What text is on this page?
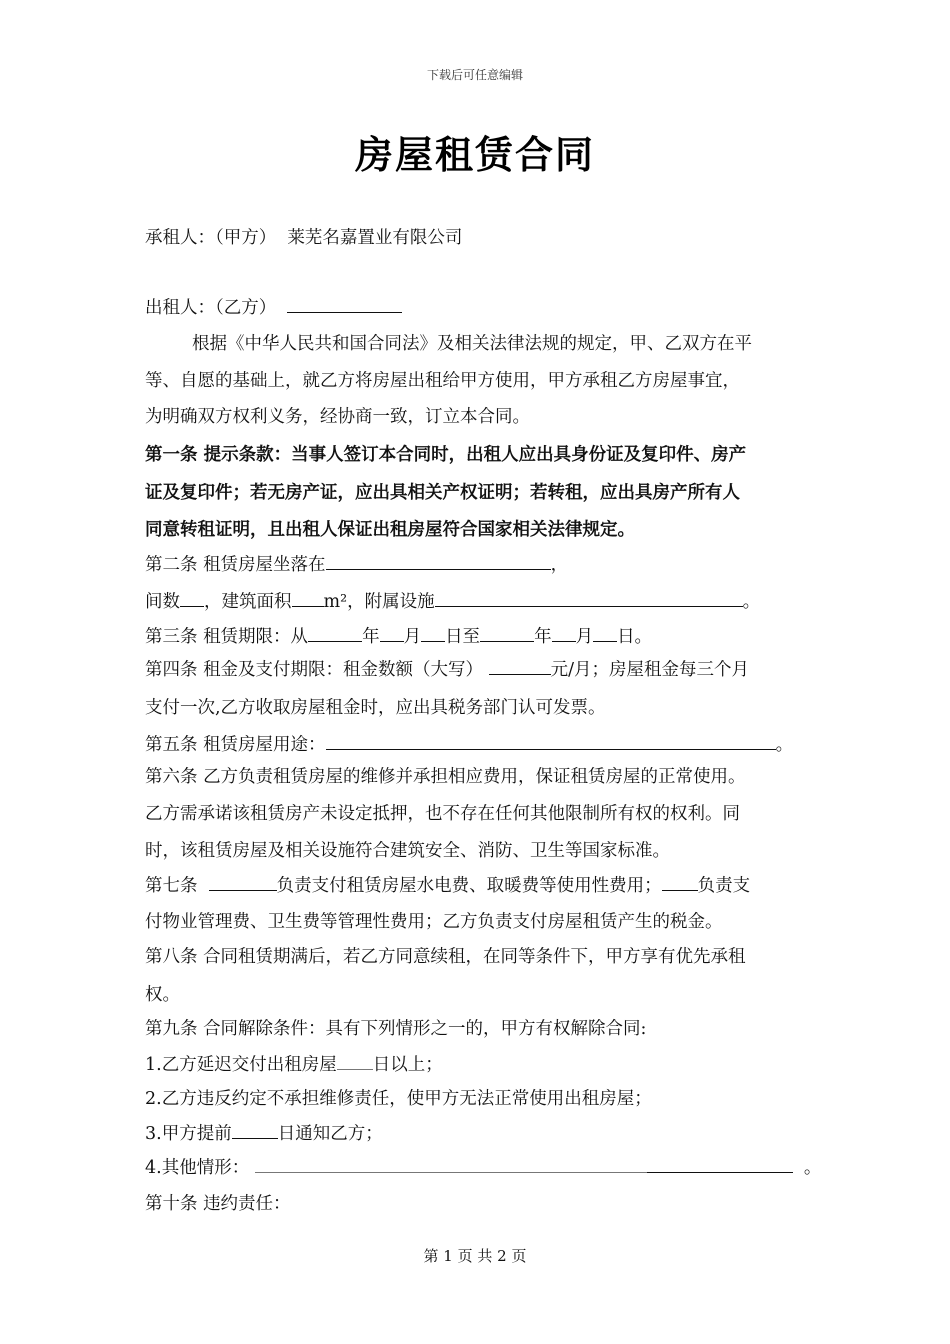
下载后可任意编辑
房屋租赁合同
承租人：（甲方） 莱芜名嘉置业有限公司
出租人：（乙方）
根据《中华人民共和国合同法》及相关法律法规的规定，甲、乙双方在平
等、自愿的基础上，就乙方将房屋出租给甲方使用，甲方承租乙方房屋事宜，
为明确双方权利义务，经协商一致，订立本合同。
第一条 提示条款：当事人签订本合同时，出租人应出具身份证及复印件、房产
证及复印件；若无房产证，应出具相关产权证明；若转租，应出具房产所有人
同意转租证明，且出租人保证出租房屋符合国家相关法律规定。
第二条 租赁房屋坐落在	，
间数 ，建筑面积 m²，附属设施	。
第三条 租赁期限：从	年 月 日至	年 月 日。
第四条 租金及支付期限：租金数额（大写）	元/月；房屋租金每三个月
支付一次,乙方收取房屋租金时，应出具税务部门认可发票。
第五条 租赁房屋用途：	。
第六条 乙方负责租赁房屋的维修并承担相应费用，保证租赁房屋的正常使用。
乙方需承诺该租赁房产未设定抵押，也不存在任何其他限制所有权的权利。同
时，该租赁房屋及相关设施符合建筑安全、消防、卫生等国家标准。
第七条	负责支付租赁房屋水电费、取暖费等使用性费用； 负责支
付物业管理费、卫生费等管理性费用；乙方负责支付房屋租赁产生的税金。
第八条 合同租赁期满后，若乙方同意续租，在同等条件下，甲方享有优先承租
权。
第九条 合同解除条件：具有下列情形之一的，甲方有权解除合同:
1.乙方延迟交付出租房屋 日以上；
2.乙方违反约定不承担维修责任，使甲方无法正常使用出租房屋；
3.甲方提前	日通知乙方；
4.其他情形：	。
第十条 违约责任：
第 1 页 共 2 页
